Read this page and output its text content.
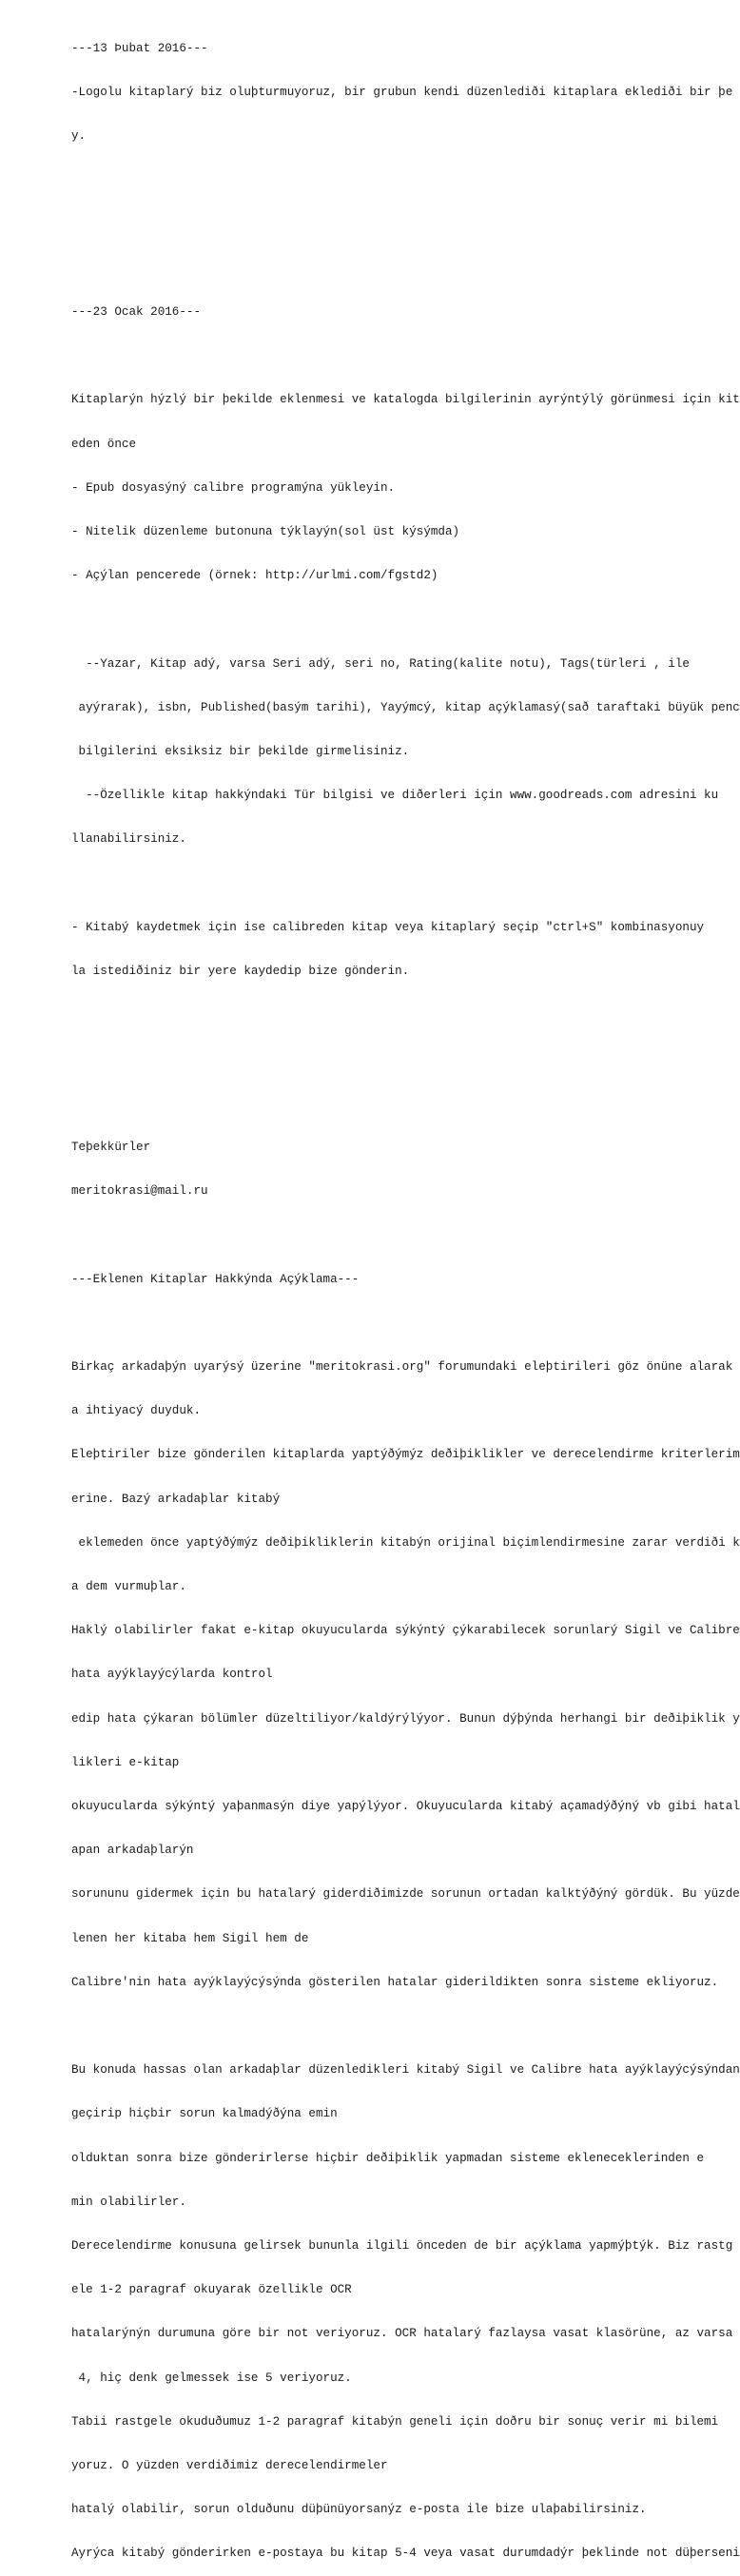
---13 Þubat 2016---

-Logolu kitaplarý biz oluþturmuyoruz, bir grubun kendi düzenlediði kitaplara eklediði bir þe

y.

---23 Ocak 2016---

Kitaplarýn hýzlý bir þekilde eklenmesi ve katalogda bilgilerinin ayrýntýlý görünmesi için kit

eden önce

- Epub dosyasýný calibre programýna yükleyin.

- Nitelik düzenleme butonuna týklayýn(sol üst kýsýmda)

- Açýlan pencerede (örnek: http://urlmi.com/fgstd2)

--Yazar, Kitap adý, varsa Seri adý, seri no, Rating(kalite notu), Tags(türleri , ile

ayýrarak), isbn, Published(basým tarihi), Yayýmcý, kitap açýklamasý(sað taraftaki büyük penc

bilgilerini eksiksiz bir þekilde girmelisiniz.

--Özellikle kitap hakkýndaki Tür bilgisi ve diðerleri için www.goodreads.com adresini ku

llanabilirsiniz.

- Kitabý kaydetmek için ise calibreden kitap veya kitaplarý seçip "ctrl+S" kombinasyonuy

la istediðiniz bir yere kaydedip bize gönderin.

Teþekkürler

meritokrasi@mail.ru

---Eklenen Kitaplar Hakkýnda Açýklama---

Birkaç arkadaþýn uyarýsý üzerine "meritokrasi.org" forumundaki eleþtirileri göz önüne alarak

a ihtiyacý duyduk.

Eleþtiriler bize gönderilen kitaplarda yaptýðýmýz deðiþiklikler ve derecelendirme kriterlerim

erine. Bazý arkadaþlar kitabý

eklemeden önce yaptýðýmýz deðiþikliklerin kitabýn orijinal biçimlendirmesine zarar verdiði k

a dem vurmuþlar.

Haklý olabilirler fakat e-kitap okuyucularda sýkýntý çýkarabilecek sorunlarý Sigil ve Calibre

hata ayýklayýcýlarda kontrol

edip hata çýkaran bölümler düzeltiliyor/kaldýrýlýyor. Bunun dýþýnda herhangi bir deðiþiklik y

likleri e-kitap

okuyucularda sýkýntý yaþanmasýn diye yapýlýyor. Okuyucularda kitabý açamadýðýný vb gibi hatal

apan arkadaþlarýn

sorununu gidermek için bu hatalarý giderdiðimizde sorunun ortadan kalktýðýný gördük. Bu yüzde

lenen her kitaba hem Sigil hem de

Calibre'nin hata ayýklayýcýsýnda gösterilen hatalar giderildikten sonra sisteme ekliyoruz.

Bu konuda hassas olan arkadaþlar düzenledikleri kitabý Sigil ve Calibre hata ayýklayýcýsýndan

geçirip hiçbir sorun kalmadýðýna emin

olduktan sonra bize gönderirlerse hiçbir deðiþiklik yapmadan sisteme ekleneceklerinden e

min olabilirler.

Derecelendirme konusuna gelirsek bununla ilgili önceden de bir açýklama yapmýþtýk. Biz rastg

ele 1-2 paragraf okuyarak özellikle OCR

hatalarýnýn durumuna göre bir not veriyoruz. OCR hatalarý fazlaysa vasat klasörüne, az varsa

4, hiç denk gelmessek ise 5 veriyoruz.

Tabii rastgele okuduðumuz 1-2 paragraf kitabýn geneli için doðru bir sonuç verir mi bilemi

yoruz. O yüzden verdiðimiz derecelendirmeler

hatalý olabilir, sorun olduðunu düþünüyorsanýz e-posta ile bize ulaþabilirsiniz.

Ayrýca kitabý gönderirken e-postaya bu kitap 5-4 veya vasat durumdadýr þeklinde not düþerseni
